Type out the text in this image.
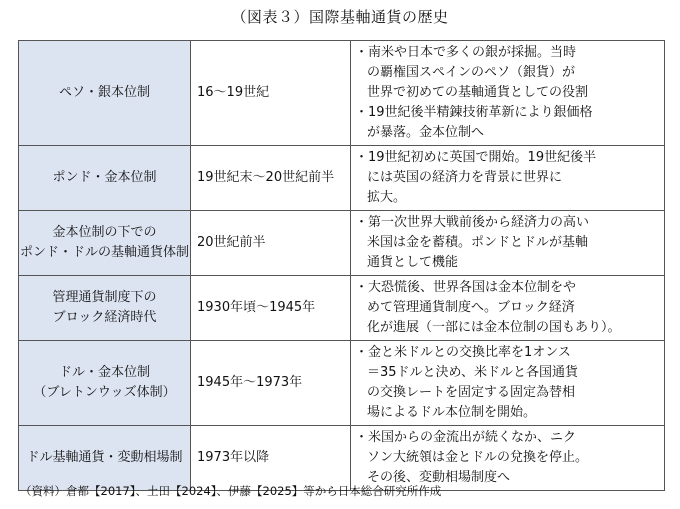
（図表３）国際基軸通貨の歴史
ペソ・銀本位制	16～19世紀	・南米や日本で多くの銀が採掘。当時
の覇権国スペインのペソ（銀貨）が
世界で初めての基軸通貨としての役割
・19世紀後半精錬技術革新により銀価格
が暴落。金本位制へ

ポンド・金本位制	19世紀末～20世紀前半	・19世紀初めに英国で開始。19世紀後半
には英国の経済力を背景に世界に
拡大。

金本位制の下での
ポンド・ドルの基軸通貨体制	20世紀前半	・第一次世界大戦前後から経済力の高い
米国は金を蓄積。ポンドとドルが基軸
通貨として機能

管理通貨制度下の
ブロック経済時代	1930年頃～1945年	・大恐慌後、世界各国は金本位制をや
めて管理通貨制度へ。ブロック経済
化が進展（一部には金本位制の国もあり）。

ドル・金本位制
（ブレトンウッズ体制）	1945年～1973年	・金と米ドルとの交換比率を1オンス
＝35ドルと決め、米ドルと各国通貨
の交換レートを固定する固定為替相
場によるドル本位制を開始。

ドル基軸通貨・変動相場制	1973年以降	・米国からの金流出が続くなか、ニク
ソン大統領は金とドルの兌換を停止。
その後、変動相場制度へ
（資料）倉都【2017】、土田【2024】、伊藤【2025】等から日本総合研究所作成
